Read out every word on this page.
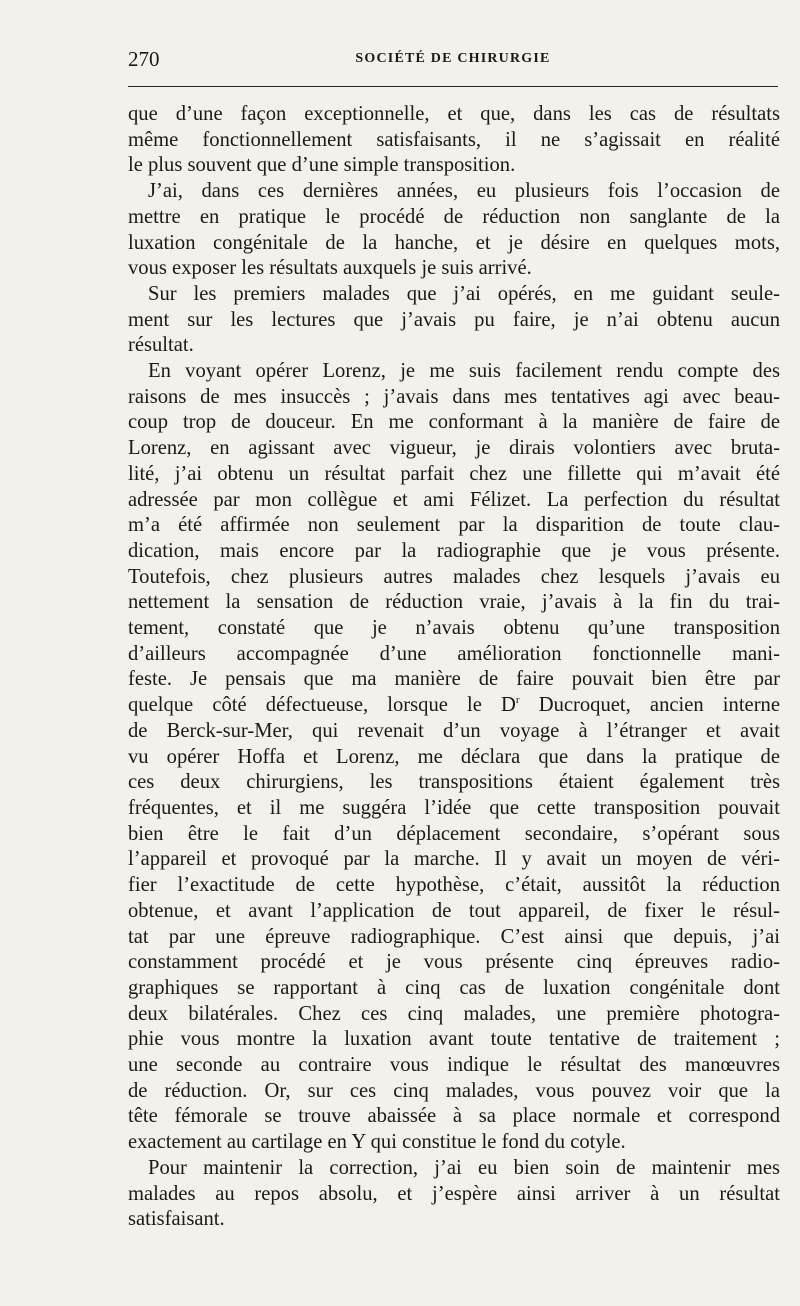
270	SOCIÉTÉ DE CHIRURGIE
que d’une façon exceptionnelle, et que, dans les cas de résultats
même fonctionnellement satisfaisants, il ne s’agissait en réalité
le plus souvent que d’une simple transposition.
J’ai, dans ces dernières années, eu plusieurs fois l’occasion de
mettre en pratique le procédé de réduction non sanglante de la
luxation congénitale de la hanche, et je désire en quelques mots,
vous exposer les résultats auxquels je suis arrivé.
Sur les premiers malades que j’ai opérés, en me guidant seule-
ment sur les lectures que j’avais pu faire, je n’ai obtenu aucun
résultat.
En voyant opérer Lorenz, je me suis facilement rendu compte des
raisons de mes insuccès ; j’avais dans mes tentatives agi avec beau-
coup trop de douceur. En me conformant à la manière de faire de
Lorenz, en agissant avec vigueur, je dirais volontiers avec bruta-
lité, j’ai obtenu un résultat parfait chez une fillette qui m’avait été
adressée par mon collègue et ami Félizet. La perfection du résultat
m’a été affirmée non seulement par la disparition de toute clau-
dication, mais encore par la radiographie que je vous présente.
Toutefois, chez plusieurs autres malades chez lesquels j’avais eu
nettement la sensation de réduction vraie, j’avais à la fin du trai-
tement, constaté que je n’avais obtenu qu’une transposition
d’ailleurs accompagnée d’une amélioration fonctionnelle mani-
feste. Je pensais que ma manière de faire pouvait bien être par
quelque côté défectueuse, lorsque le $D^r$ Ducroquet, ancien interne
de Berck-sur-Mer, qui revenait d’un voyage à l’étranger et avait
vu opérer Hoffa et Lorenz, me déclara que dans la pratique de
ces deux chirurgiens, les transpositions étaient également très
fréquentes, et il me suggéra l’idée que cette transposition pouvait
bien être le fait d’un déplacement secondaire, s’opérant sous
l’appareil et provoqué par la marche. Il y avait un moyen de véri-
fier l’exactitude de cette hypothèse, c’était, aussitôt la réduction
obtenue, et avant l’application de tout appareil, de fixer le résul-
tat par une épreuve radiographique. C’est ainsi que depuis, j’ai
constamment procédé et je vous présente cinq épreuves radio-
graphiques se rapportant à cinq cas de luxation congénitale dont
deux bilatérales. Chez ces cinq malades, une première photogra-
phie vous montre la luxation avant toute tentative de traitement ;
une seconde au contraire vous indique le résultat des manœuvres
de réduction. Or, sur ces cinq malades, vous pouvez voir que la
tête fémorale se trouve abaissée à sa place normale et correspond
exactement au cartilage en Y qui constitue le fond du cotyle.
Pour maintenir la correction, j’ai eu bien soin de maintenir mes
malades au repos absolu, et j’espère ainsi arriver à un résultat
satisfaisant.
